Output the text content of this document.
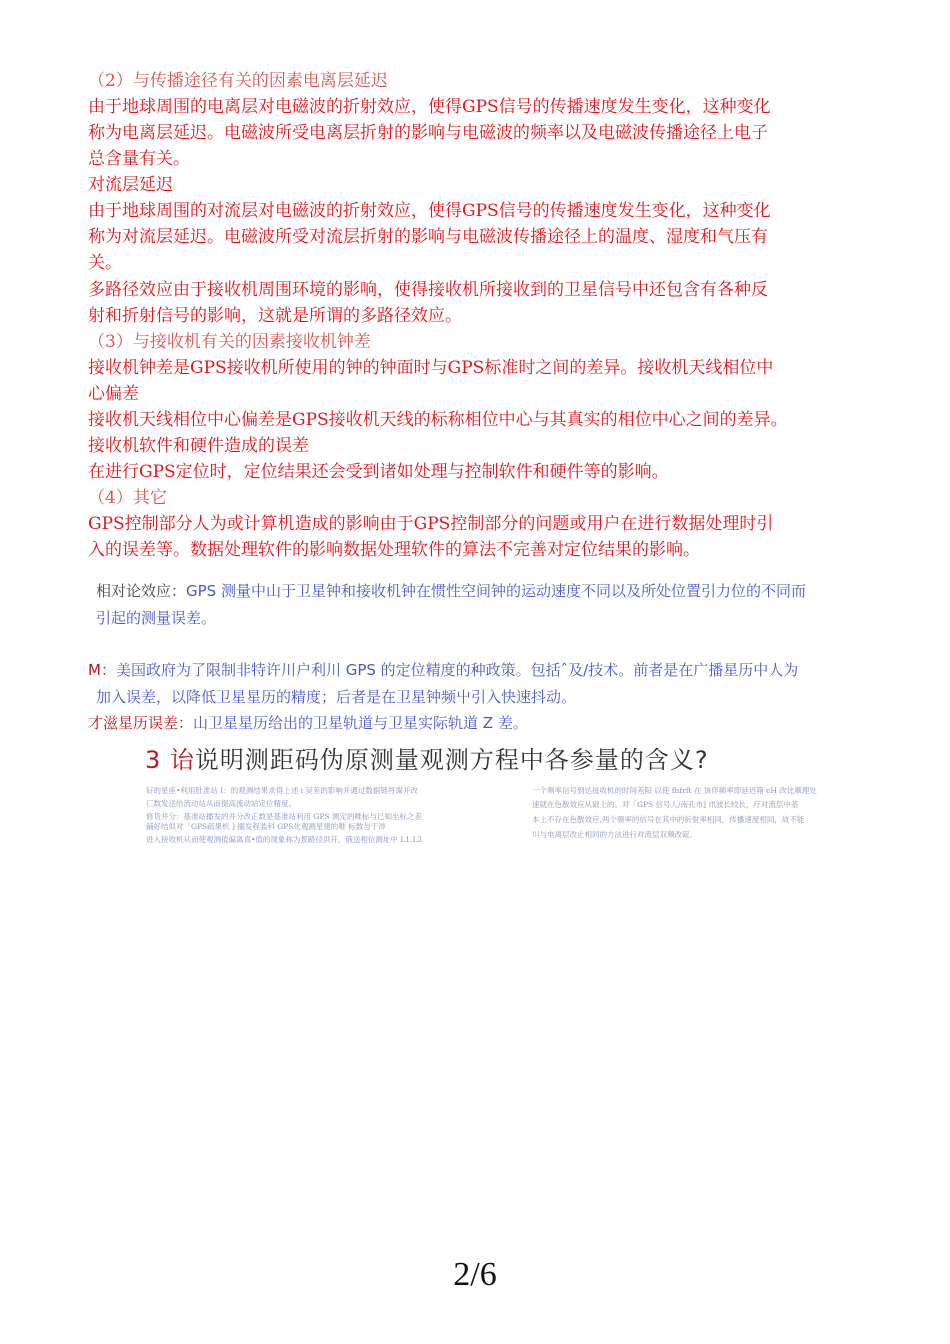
（2）与传播途径有关的因素电离层延迟
由于地球周围的电离层对电磁波的折射效应，使得GPS信号的传播速度发生变化，这种变化
称为电离层延迟。电磁波所受电离层折射的影响与电磁波的频率以及电磁波传播途径上电子
总含量有关。
对流层延迟
由于地球周围的对流层对电磁波的折射效应，使得GPS信号的传播速度发生变化，这种变化
称为对流层延迟。电磁波所受对流层折射的影响与电磁波传播途径上的温度、湿度和气压有
关。
多路径效应由于接收机周围环境的影响，使得接收机所接收到的卫星信号中还包含有各种反
射和折射信号的影响，这就是所谓的多路径效应。
（3）与接收机有关的因素接收机钟差
接收机钟差是GPS接收机所使用的钟的钟面时与GPS标准时之间的差异。接收机天线相位中
心偏差
接收机天线相位中心偏差是GPS接收机天线的标称相位中心与其真实的相位中心之间的差异。
接收机软件和硬件造成的误差
在进行GPS定位时，定位结果还会受到诸如处理与控制软件和硬件等的影响。
（4）其它
GPS控制部分人为或计算机造成的影响由于GPS控制部分的问题或用户在进行数据处理时引
入的误差等。数据处理软件的影响数据处理软件的算法不完善对定位结果的影响。
相对论效应：GPS 测量中山于卫星钟和接收机钟在惯性空间钟的运动速度不同以及所处位置引力位的不同而
引起的测量误差。
M：美国政府为了限制非特许川户利川 GPS 的定位精度的种政策。包括ˆ及/技术。前者是在广播星历中人为
加入误差，以降低卫星星历的精度；后者是在卫星钟频屮引入快速抖动。
才滋星历误差：山卫星星历给出的卫星轨道与卫星实际轨道 Z 差。
3 诒说明测距码伪原测量观测方程中各参量的含义?
好的星座•利用肚准站 I：的观测结果求得上述 i 吴差的影响并通过数据链将谍并改
匚数发送给流动站从而提高流动站定位精度。
修货并分：基准站播发的并分改正数是基准站利用 GPS 测定的唯标与已知坐标之差
鋪好结似对「GPS疏果机 ] 搦发程装科 GPS化观测星建的唯 标数与于涉
进入接收机从而使观测值偏离真•值的现象称为景路径洪开，俄送相位测址中 L1.L2
一个频率信号到达接收机的时间差阳 以使 fhfrft 在 该伴频率即延迟箱 cH 改比顺理处
速就在色散效应从础上的。对「GPS 信号人/南孔市] 讯波长较长，疗对流层中基
本上不存在色散效应,两个频率的信号在其中的折射率相同，传播速度相同，故不能
川与电离层改止相同的方法进行对流层双频改碇。
2/6
